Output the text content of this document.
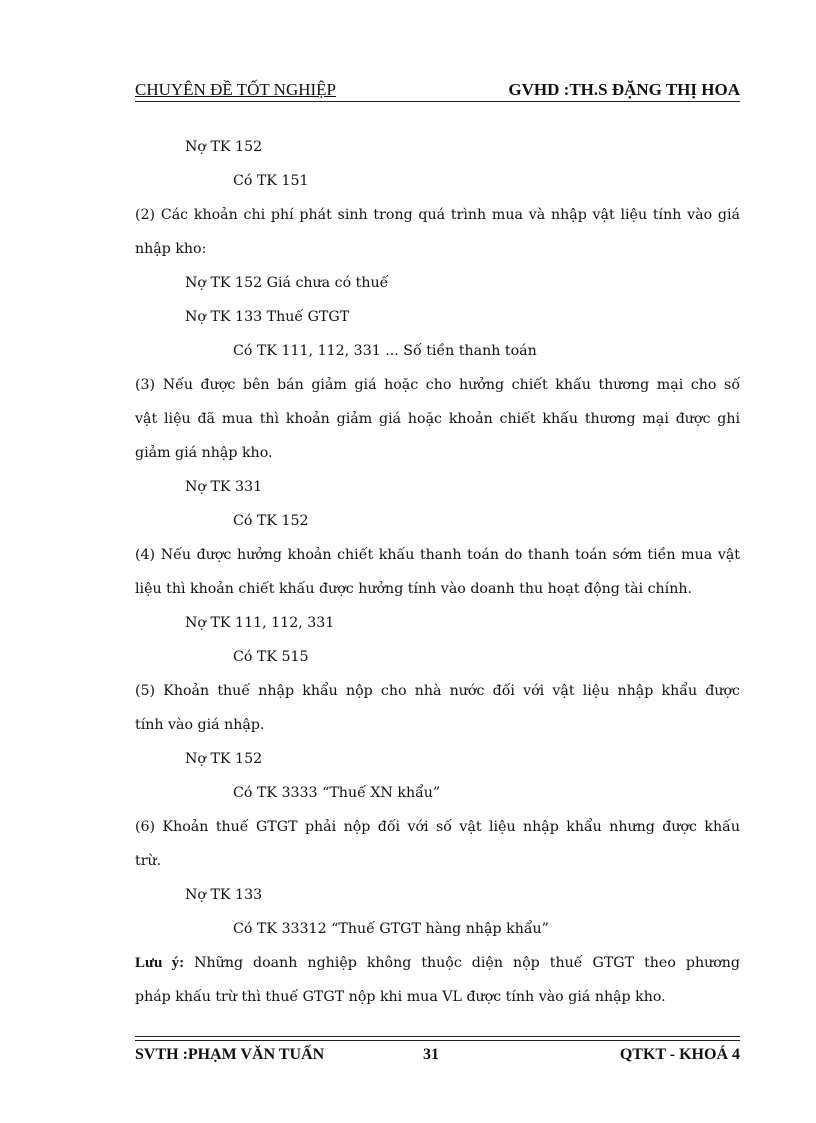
CHUYÊN ĐỀ TỐT NGHIỆP	GVHD :TH.S ĐẶNG THỊ HOA
Nợ TK 152
Có TK 151
(2) Các khoản chi phí phát sinh trong quá trình mua và nhập vật liệu tính vào giá
nhập kho:
Nợ TK 152 Giá chưa có thuế
Nợ TK 133 Thuế GTGT
Có TK 111, 112, 331 ... Số tiền thanh toán
(3) Nếu được bên bán giảm giá hoặc cho hưởng chiết khấu thương mại cho số
vật liệu đã mua thì khoản giảm giá hoặc khoản chiết khấu thương mại được ghi
giảm giá nhập kho.
Nợ TK 331
Có TK 152
(4) Nếu được hưởng khoản chiết khấu thanh toán do thanh toán sớm tiền mua vật
liệu thì khoản chiết khấu được hưởng tính vào doanh thu hoạt động tài chính.
Nợ TK 111, 112, 331
Có TK 515
(5) Khoản thuế nhập khẩu nộp cho nhà nước đối với vật liệu nhập khẩu được
tính vào giá nhập.
Nợ TK 152
Có TK 3333 “Thuế XN khẩu”
(6) Khoản thuế GTGT phải nộp đối với số vật liệu nhập khẩu nhưng được khấu
trừ.
Nợ TK 133
Có TK 33312 “Thuế GTGT hàng nhập khẩu”
Lưu ý: Những doanh nghiệp không thuộc diện nộp thuế GTGT theo phương
pháp khấu trừ thì thuế GTGT nộp khi mua VL được tính vào giá nhập kho.
SVTH :PHẠM VĂN TUẤN	31	QTKT - KHOÁ 4
